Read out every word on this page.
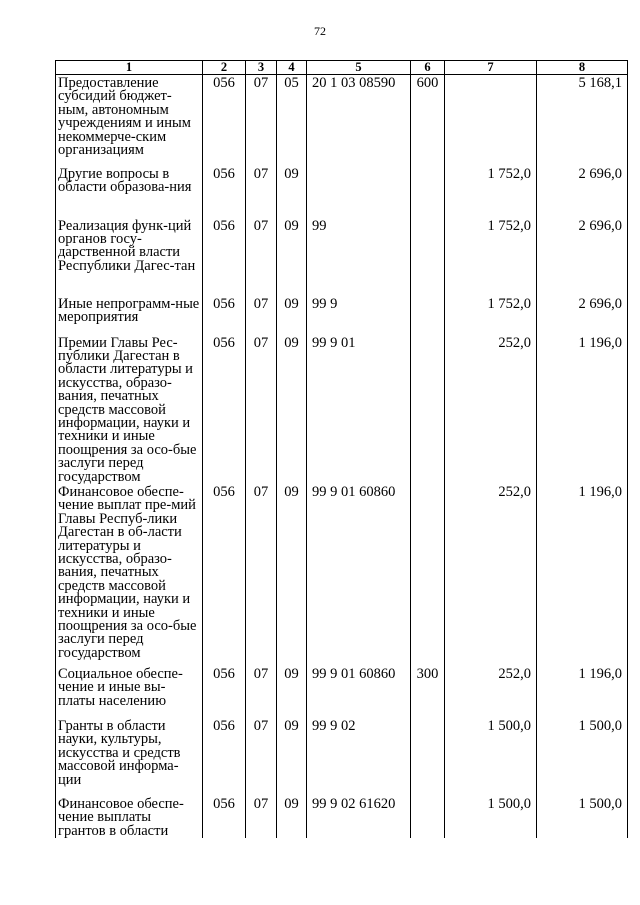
72
1	2	3	4	5	6	7	8
Предоставление субсидий бюджет-ным, автономным учреждениям и иным некоммерче-ским организациям	056	07	05	20 1 03 08590	600		5 168,1
Другие вопросы в области образова-ния	056	07	09			1 752,0	2 696,0
Реализация функ-ций органов госу-дарственной власти Республики Дагес-тан	056	07	09	99		1 752,0	2 696,0
Иные непрограмм-ные мероприятия	056	07	09	99 9		1 752,0	2 696,0
Премии Главы Рес-публики Дагестан в области литературы и искусства, образо-вания, печатных средств массовой информации, науки и техники и иные поощрения за осо-бые заслуги перед государством	056	07	09	99 9 01		252,0	1 196,0
Финансовое обеспе-чение выплат пре-мий Главы Респуб-лики Дагестан в об-ласти литературы и искусства, образо-вания, печатных средств массовой информации, науки и техники и иные поощрения за осо-бые заслуги перед государством	056	07	09	99 9 01 60860		252,0	1 196,0
Социальное обеспе-чение и иные вы-платы населению	056	07	09	99 9 01 60860	300	252,0	1 196,0
Гранты в области науки, культуры, искусства и средств массовой информа-ции	056	07	09	99 9 02		1 500,0	1 500,0
Финансовое обеспе-чение выплаты грантов в области	056	07	09	99 9 02 61620		1 500,0	1 500,0
